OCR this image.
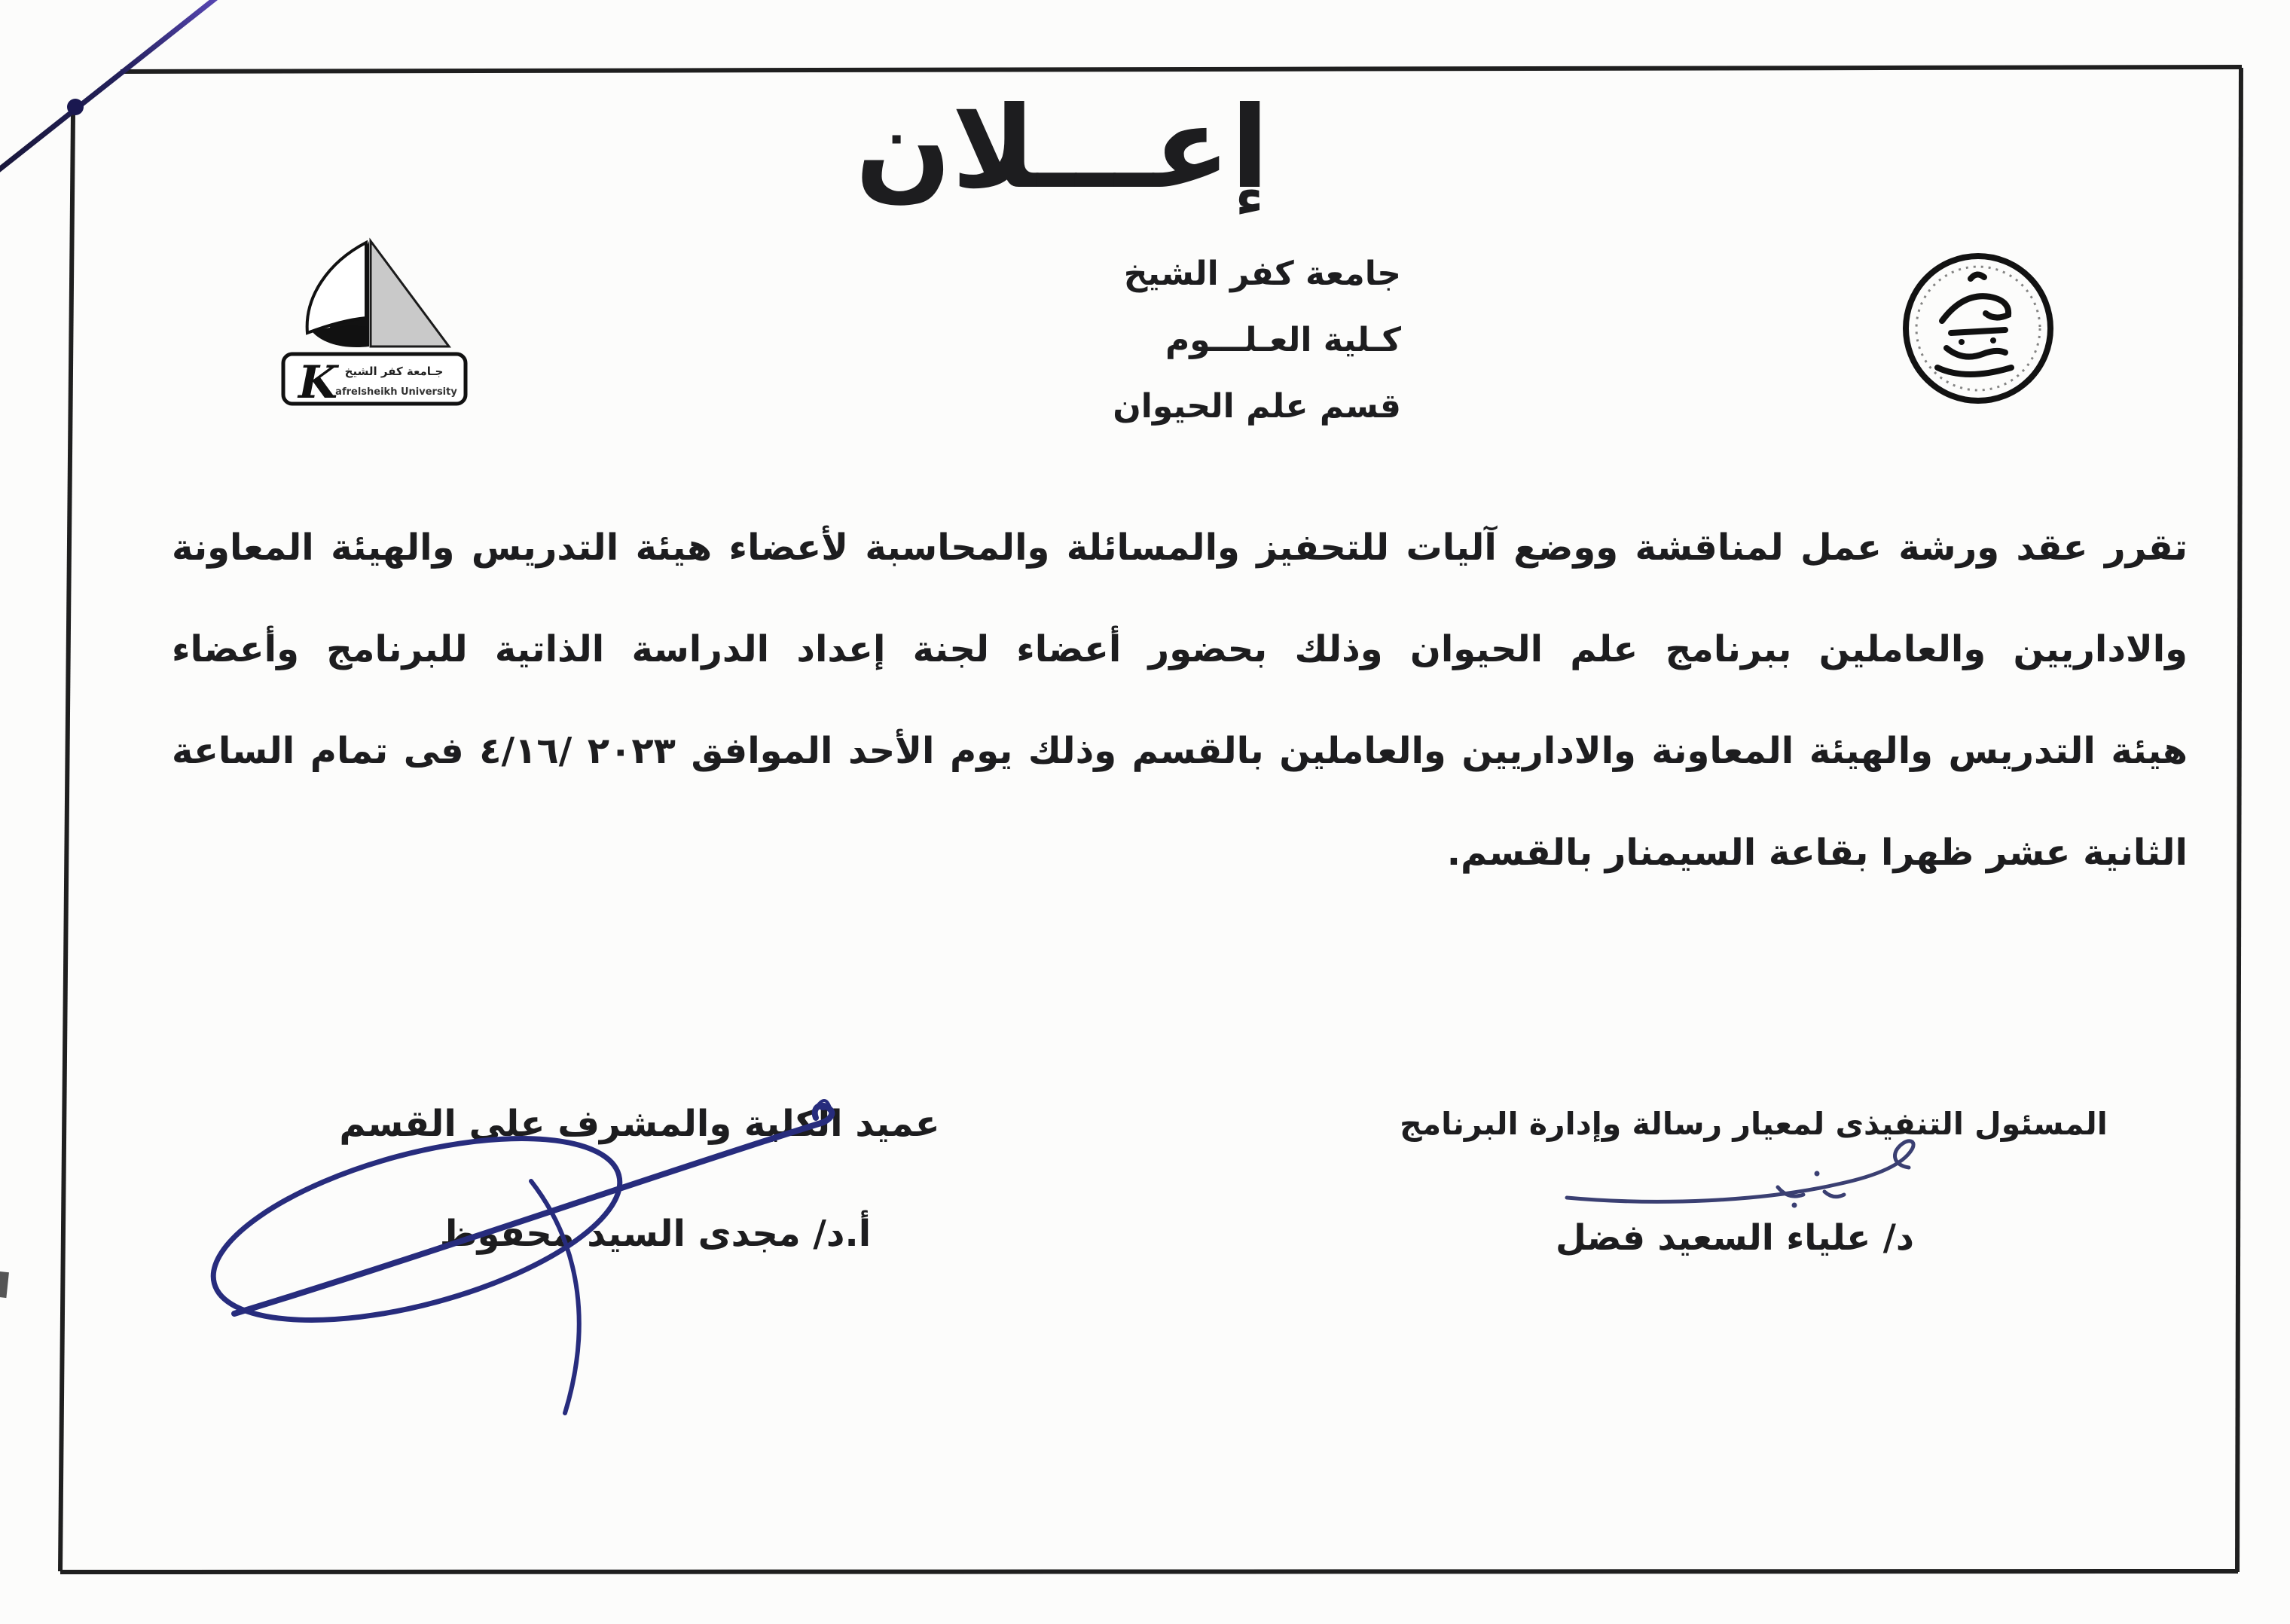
إعـــلان
جامعة كفر الشيخ
كـلية العـلـــوم
قسم علم الحيوان
K جـامعة كفر الشيخ
afrelsheikh University
تقرر عقد ورشة عمل لمناقشة ووضع آليات للتحفيز والمسائلة والمحاسبة لأعضاء هيئة التدريس والهيئة المعاونة
والاداريين والعاملين ببرنامج علم الحيوان وذلك بحضور أعضاء لجنة إعداد الدراسة الذاتية للبرنامج وأعضاء
هيئة التدريس والهيئة المعاونة والاداريين والعاملين بالقسم وذلك يوم الأحد الموافق ‪٢٠٢٣ /٤/١٦‬ فى تمام الساعة
الثانية عشر ظهرا بقاعة السيمنار بالقسم.
عميد الكلية والمشرف على القسم
أ.د/ مجدى السيد محفوظ
المسئول التنفيذى لمعيار رسالة وإدارة البرنامج
د/ علياء السعيد فضل
